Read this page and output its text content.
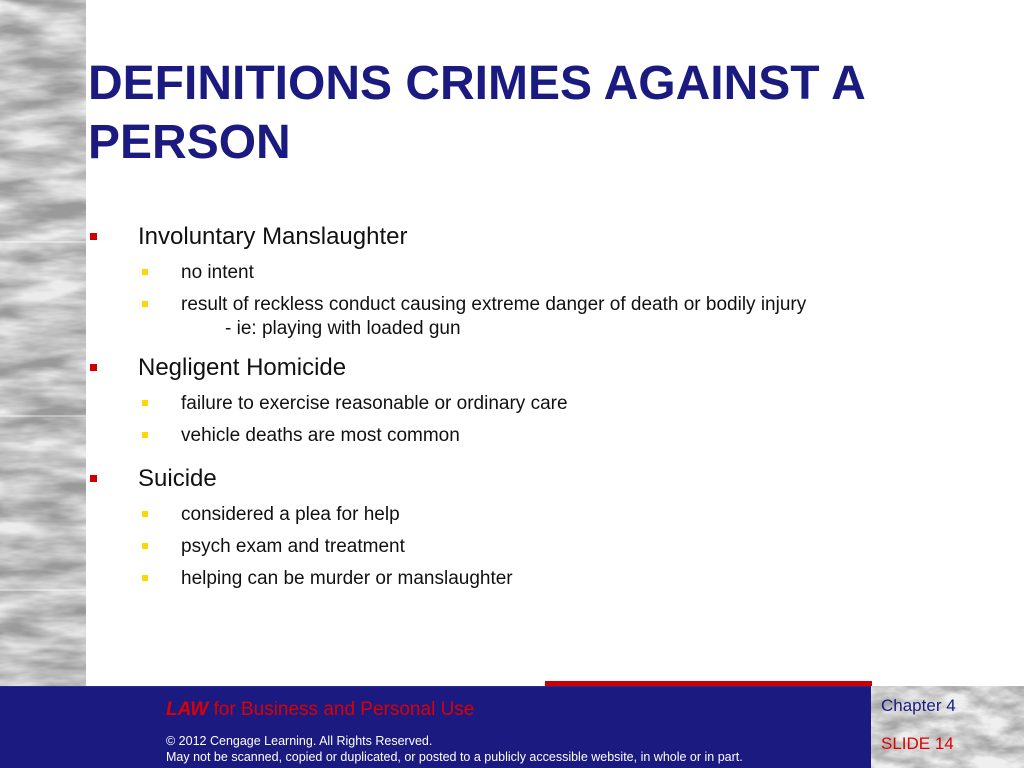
DEFINITIONS CRIMES AGAINST A PERSON
Involuntary Manslaughter
no intent
result of reckless conduct causing extreme danger of death or bodily injury
- ie: playing with loaded gun
Negligent Homicide
failure to exercise reasonable or ordinary care
vehicle deaths are most common
Suicide
considered a plea for help
psych exam and treatment
helping can be murder or manslaughter
LAW for Business and Personal Use
© 2012 Cengage Learning. All Rights Reserved.
May not be scanned, copied or duplicated, or posted to a publicly accessible website, in whole or in part.
Chapter 4
SLIDE 14
